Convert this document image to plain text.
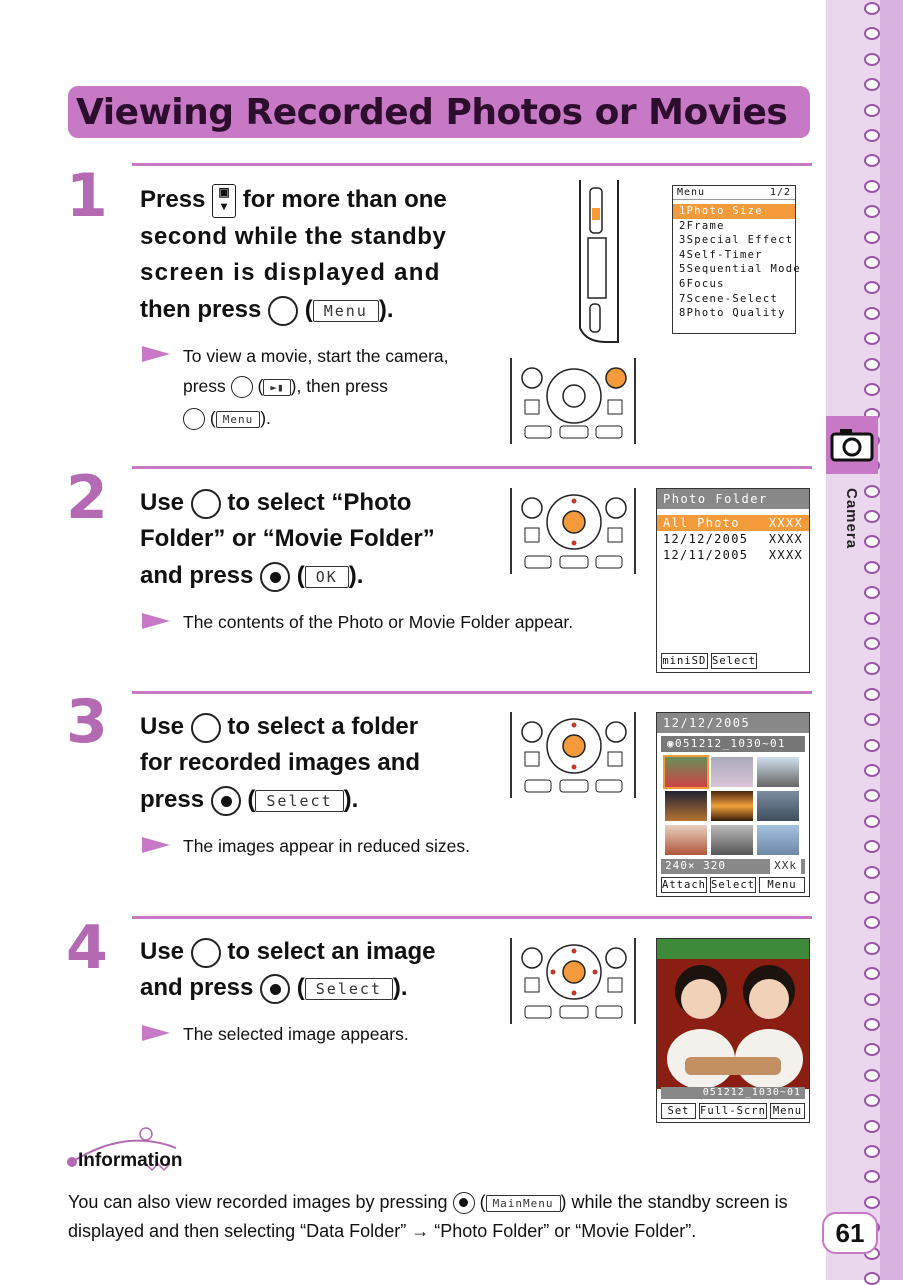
Camera
Viewing Recorded Photos or Movies
1 Press ▣
▾ for more than one
second while the standby
screen is displayed and
then press  ( Menu ).
To view a movie, start the camera,
press  ( ►▮ ), then press
( Menu ).
Menu	1/2
1Photo Size
2Frame
3Special Effect
4Self-Timer
5Sequential Mode
6Focus
7Scene-Select
8Photo Quality
2 Use to select “Photo
Folder” or “Movie Folder”
and press
( OK ).
The contents of the Photo or Movie Folder appear.
Photo Folder
All Photo XXXX
12/12/2005 XXXX
12/11/2005 XXXX
miniSD Select
3 Use to select a folder
for recorded images and
press
( Select ).
The images appear in reduced sizes.
12/12/2005
◉051212_1030~01
240× 320	XXk
Attach Select	Menu
4 Use to select an image
and press
( Select ).
The selected image appears.
051212_1030~01
Set	Full-Scrn Menu
Information
You can also view recorded images by pressing
( MainMenu ) while the standby screen is
displayed and then selecting “Data Folder” → “Photo Folder” or “Movie Folder”.	61
